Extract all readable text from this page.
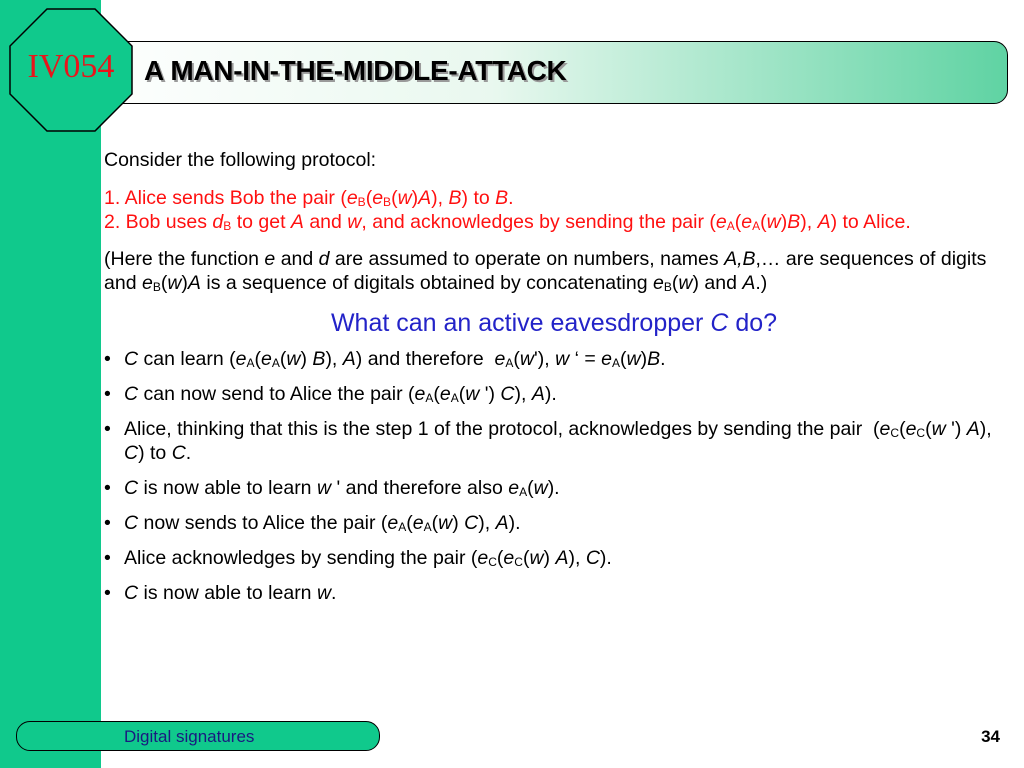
IV054	A MAN-IN-THE-MIDDLE-ATTACK

Consider the following protocol:

1. Alice sends Bob the pair ($e_B(e_B(w)A)$, B) to B.

2. Bob uses $d_B$ to get A and w, and acknowledges by sending the pair ($e_A(e_A(w)B)$, A) to Alice.

(Here the function e and d are assumed to operate on numbers, names A,B,… are sequences of digits and $e_B(w)A$ is a sequence of digitals obtained by concatenating $e_B(w)$ and A.)

What can an active eavesdropper C do?

• C can learn ($e_A(e_A(w)$ B), A) and therefore  $e_A(w')$, w ‘ = $e_A(w)B$.
• C can now send to Alice the pair ($e_A(e_A(w$ ') C), A).
• Alice, thinking that this is the step 1 of the protocol, acknowledges by sending the pair  ($e_C(e_C(w$ ') A), C) to C.
• C is now able to learn w ' and therefore also $e_A(w)$.
• C now sends to Alice the pair ($e_A(e_A(w)$ C), A).
• Alice acknowledges by sending the pair ($e_C(e_C(w)$ A), C).
• C is now able to learn w.
Digital signatures	34
